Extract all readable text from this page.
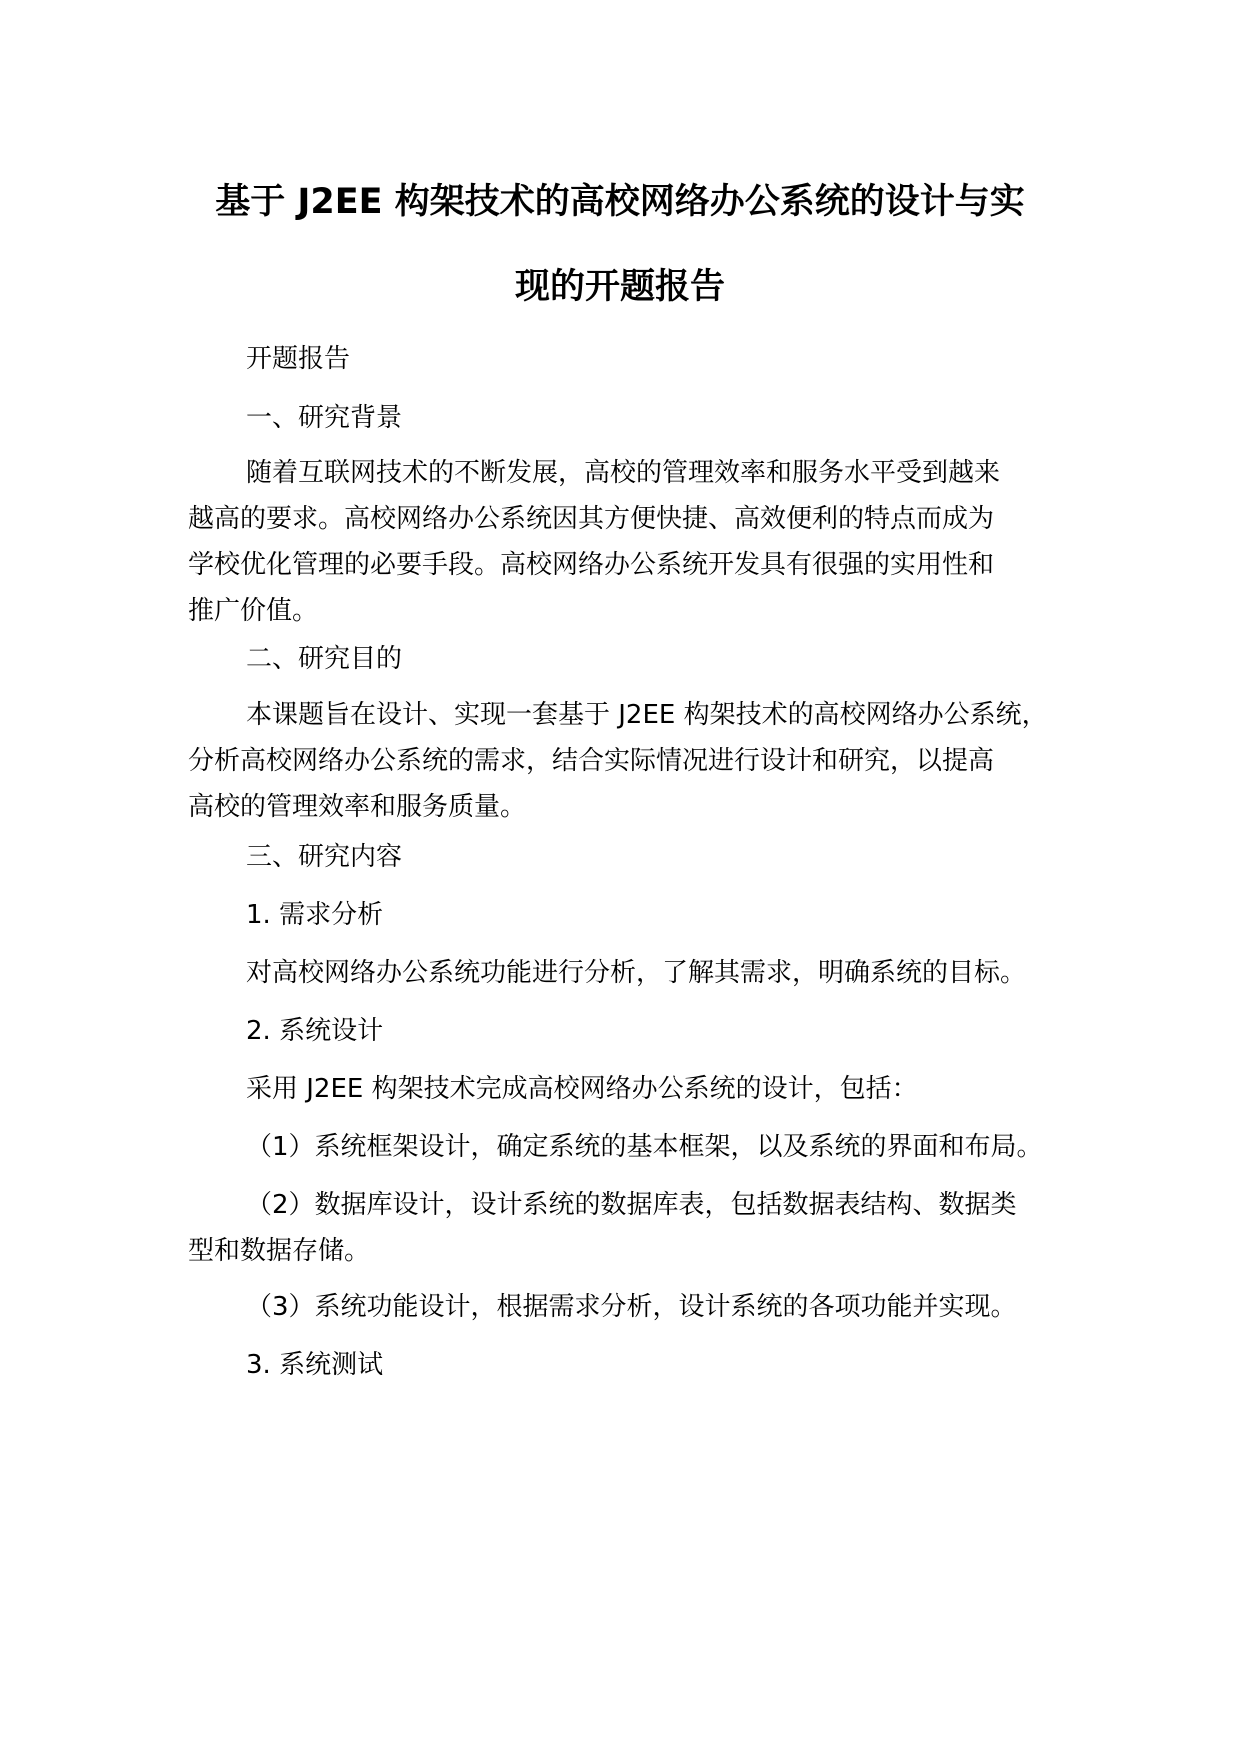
基于 J2EE 构架技术的高校网络办公系统的设计与实
现的开题报告
开题报告
一、研究背景
随着互联网技术的不断发展，高校的管理效率和服务水平受到越来
越高的要求。高校网络办公系统因其方便快捷、高效便利的特点而成为
学校优化管理的必要手段。高校网络办公系统开发具有很强的实用性和
推广价值。
二、研究目的
本课题旨在设计、实现一套基于 J2EE 构架技术的高校网络办公系统，
分析高校网络办公系统的需求，结合实际情况进行设计和研究，以提高
高校的管理效率和服务质量。
三、研究内容
1. 需求分析
对高校网络办公系统功能进行分析，了解其需求，明确系统的目标。
2. 系统设计
采用 J2EE 构架技术完成高校网络办公系统的设计，包括：
（1）系统框架设计，确定系统的基本框架，以及系统的界面和布局。
（2）数据库设计，设计系统的数据库表，包括数据表结构、数据类
型和数据存储。
（3）系统功能设计，根据需求分析，设计系统的各项功能并实现。
3. 系统测试
